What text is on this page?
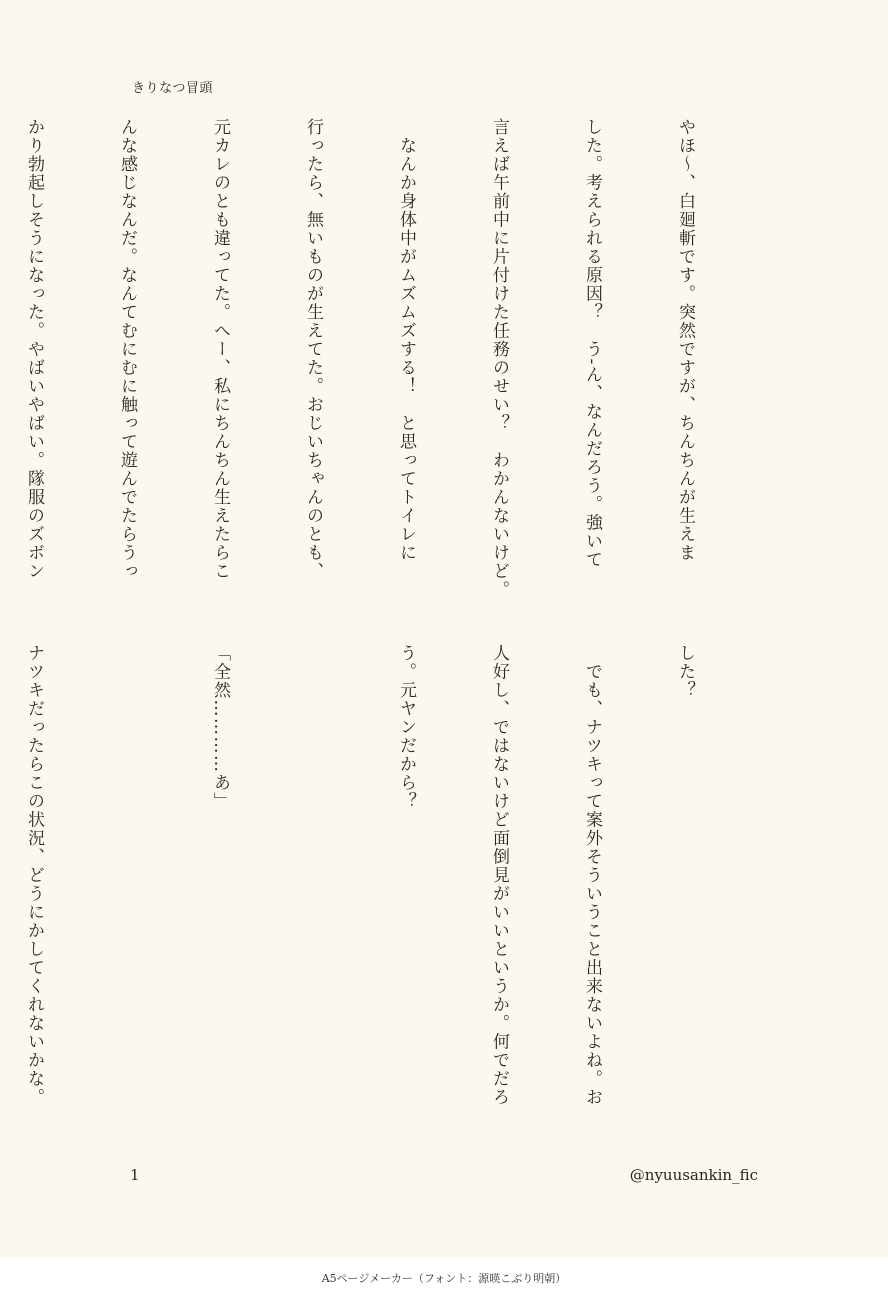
きりなつ冒頭

やほ〜、白廻斬です。突然ですが、ちんちんが生えま

した。考えられる原因？　う-ん、なんだろう。強いて

言えば午前中に片付けた任務のせい？　わかんないけど。

　なんか身体中がムズムズする！　と思ってトイレに

行ったら、無いものが生えてた。おじいちゃんのとも、

元カレのとも違ってた。へー、私にちんちん生えたらこ

んな感じなんだ。なんてむにむに触って遊んでたらうっ

かり勃起しそうになった。やばいやばい。隊服のズボン

した？

　でも、ナツキって案外そういうこと出来ないよね。お

人好し、ではないけど面倒見がいいというか。何でだろ

う。元ヤンだから？

「全然…………あ」

ナツキだったらこの状況、どうにかしてくれないかな。

1	@nyuusankin_fic
A5ページメーカー（フォント：源暎こぶり明朝）
